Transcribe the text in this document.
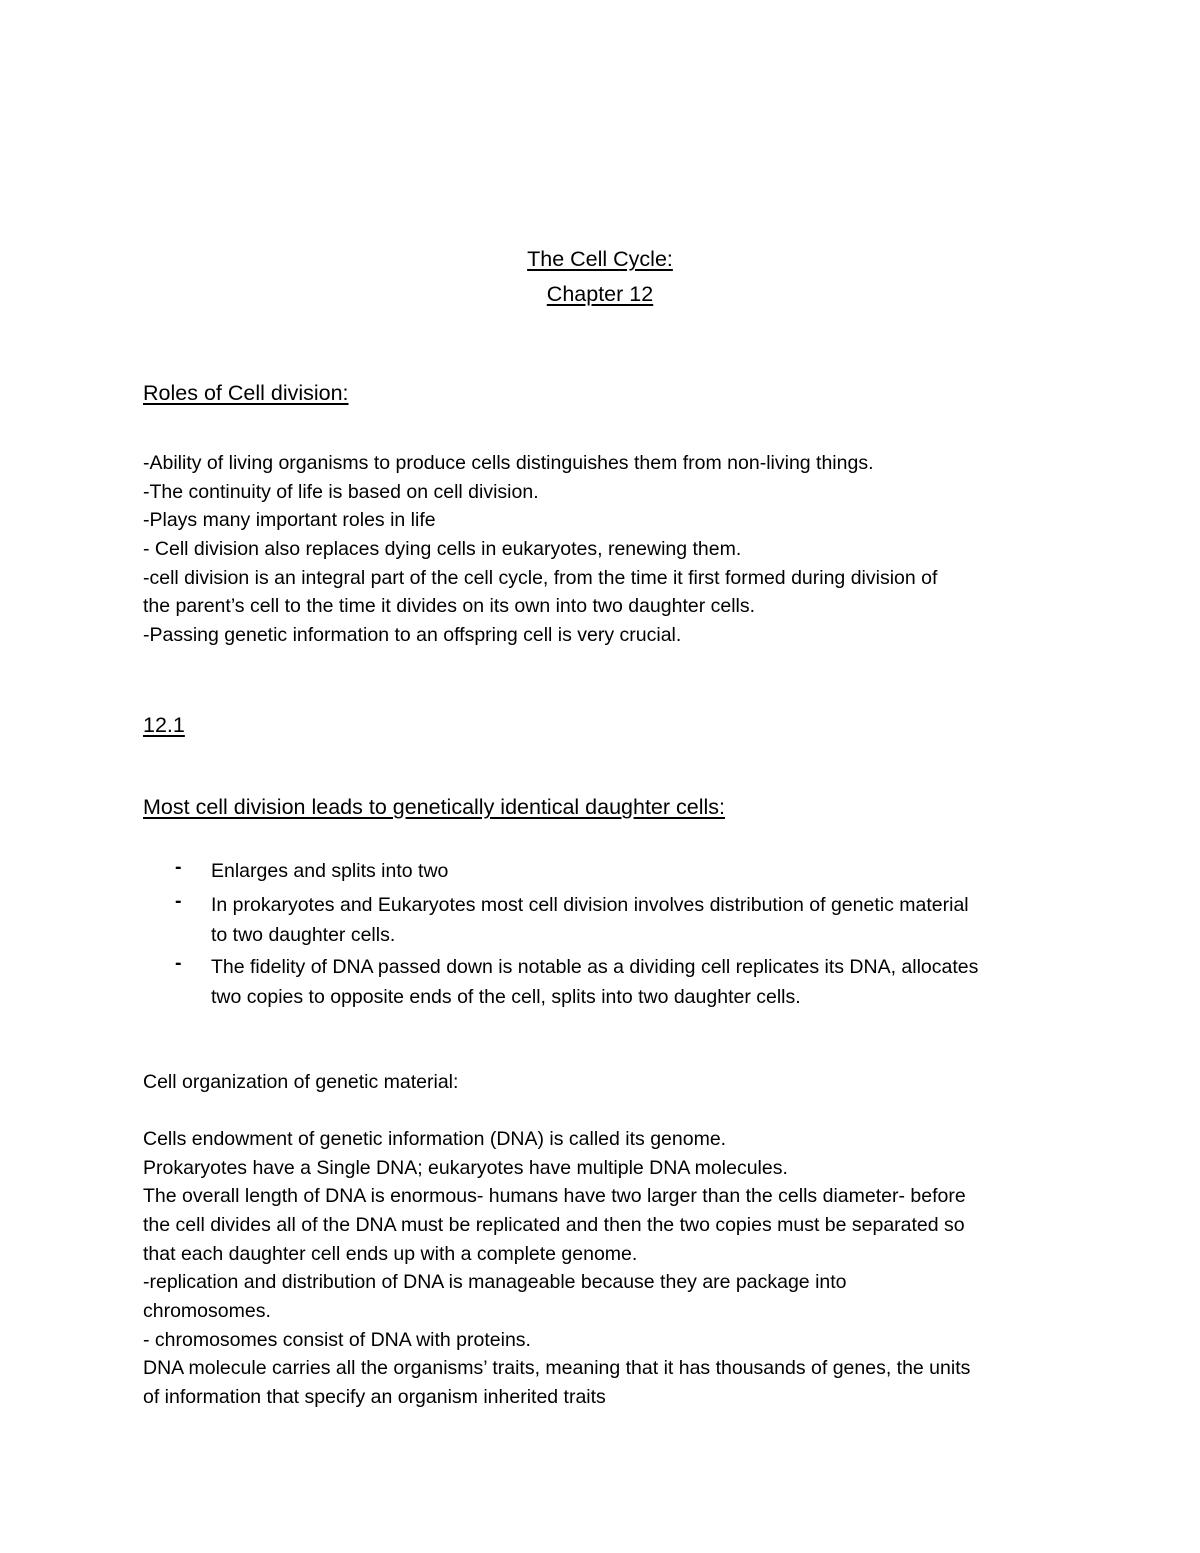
The Cell Cycle:

Chapter 12

Roles of Cell division:

-Ability of living organisms to produce cells distinguishes them from non-living things.

-The continuity of life is based on cell division.

-Plays many important roles in life

- Cell division also replaces dying cells in eukaryotes, renewing them.

-cell division is an integral part of the cell cycle, from the time it first formed during division of

the parent’s cell to the time it divides on its own into two daughter cells.

-Passing genetic information to an offspring cell is very crucial.

12.1

Most cell division leads to genetically identical daughter cells:

- Enlarges and splits into two

- In prokaryotes and Eukaryotes most cell division involves distribution of genetic material

to two daughter cells.

- The fidelity of DNA passed down is notable as a dividing cell replicates its DNA, allocates

two copies to opposite ends of the cell, splits into two daughter cells.

Cell organization of genetic material:

Cells endowment of genetic information (DNA) is called its genome.

Prokaryotes have a Single DNA; eukaryotes have multiple DNA molecules.

The overall length of DNA is enormous- humans have two larger than the cells diameter- before

the cell divides all of the DNA must be replicated and then the two copies must be separated so

that each daughter cell ends up with a complete genome.

-replication and distribution of DNA is manageable because they are package into

chromosomes.

- chromosomes consist of DNA with proteins.

DNA molecule carries all the organisms’ traits, meaning that it has thousands of genes, the units

of information that specify an organism inherited traits
